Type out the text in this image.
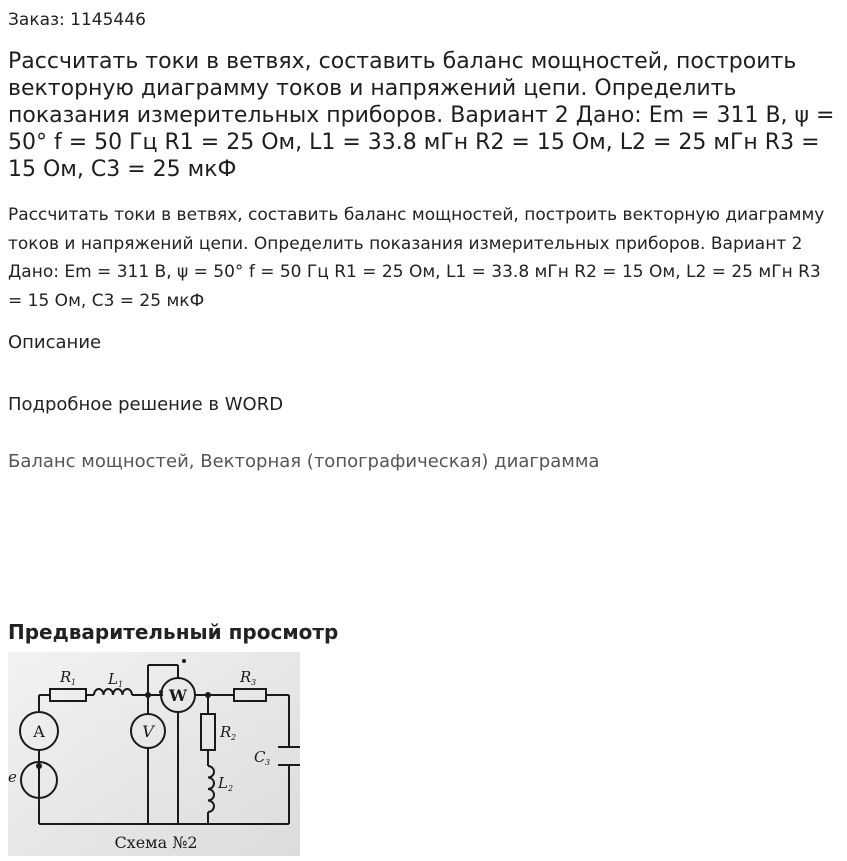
Заказ: 1145446
Рассчитать токи в ветвях, составить баланс мощностей, построить векторную диаграмму токов и напряжений цепи. Определить показания измерительных приборов. Вариант 2 Дано: Em = 311 В, ψ = 50° f = 50 Гц R1 = 25 Ом, L1 = 33.8 мГн R2 = 15 Ом, L2 = 25 мГн R3 = 15 Ом, C3 = 25 мкФ

Рассчитать токи в ветвях, составить баланс мощностей, построить векторную диаграмму токов и напряжений цепи. Определить показания измерительных приборов. Вариант 2 Дано: Em = 311 В, ψ = 50° f = 50 Гц R1 = 25 Ом, L1 = 33.8 мГн R2 = 15 Ом, L2 = 25 мГн R3 = 15 Ом, C3 = 25 мкФ

Описание
Подробное решение в WORD
Баланс мощностей, Векторная (топографическая) диаграмма
Предварительный просмотр
R 1 L 1	R 3
R 2
L 2
C 3
e
A	V
W
Схема №2
